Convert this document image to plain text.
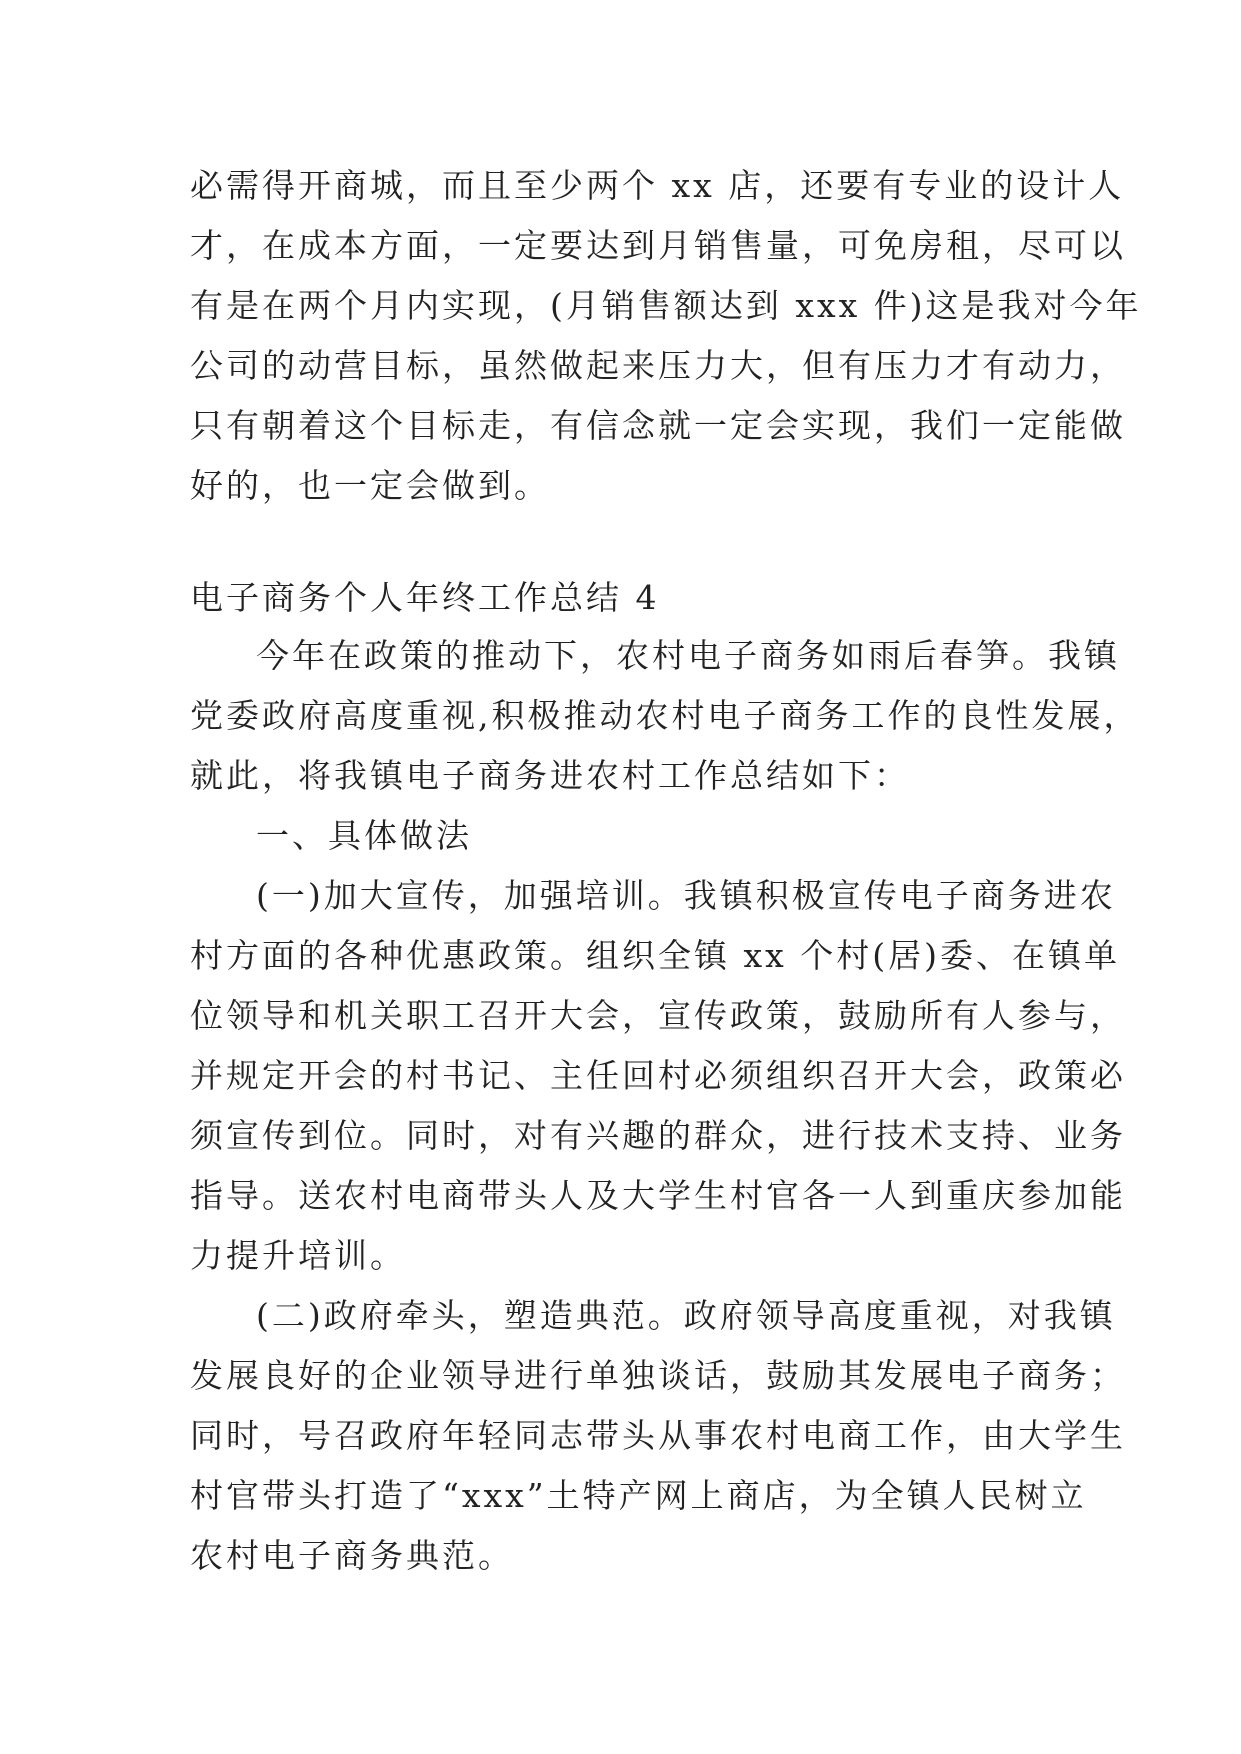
必需得开商城，而且至少两个 xx 店，还要有专业的设计人
才，在成本方面，一定要达到月销售量，可免房租，尽可以
有是在两个月内实现，(月销售额达到 xxx 件)这是我对今年
公司的动营目标，虽然做起来压力大，但有压力才有动力，
只有朝着这个目标走，有信念就一定会实现，我们一定能做
好的，也一定会做到。
电子商务个人年终工作总结 4
今年在政策的推动下，农村电子商务如雨后春笋。我镇
党委政府高度重视,积极推动农村电子商务工作的良性发展，
就此，将我镇电子商务进农村工作总结如下：
一、具体做法
(一)加大宣传，加强培训。我镇积极宣传电子商务进农
村方面的各种优惠政策。组织全镇 xx 个村(居)委、在镇单
位领导和机关职工召开大会，宣传政策，鼓励所有人参与，
并规定开会的村书记、主任回村必须组织召开大会，政策必
须宣传到位。同时，对有兴趣的群众，进行技术支持、业务
指导。送农村电商带头人及大学生村官各一人到重庆参加能
力提升培训。
(二)政府牵头，塑造典范。政府领导高度重视，对我镇
发展良好的企业领导进行单独谈话，鼓励其发展电子商务；
同时，号召政府年轻同志带头从事农村电商工作，由大学生
村官带头打造了“xxx”土特产网上商店，为全镇人民树立
农村电子商务典范。
